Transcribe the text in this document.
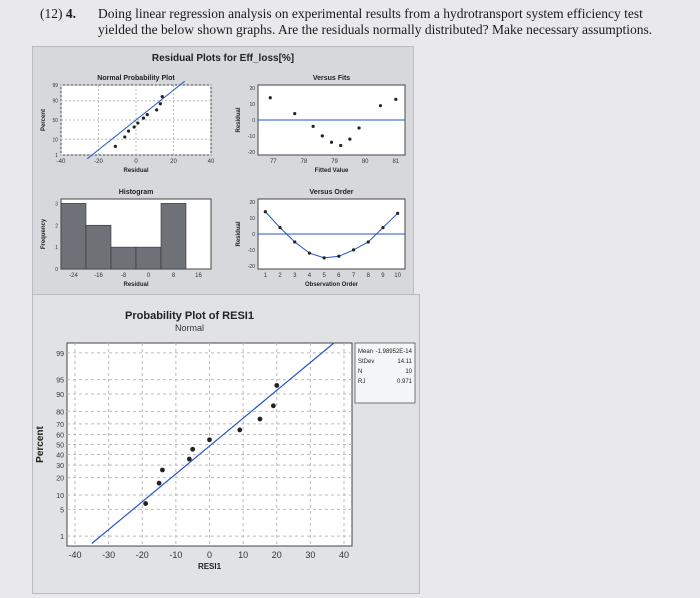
(12) 4. Doing linear regression analysis on experimental results from a hydrotransport system efficiency test
yielded the below shown graphs. Are the residuals normally distributed? Make necessary assumptions.
Residual Plots for Eff_loss[%]
Normal Probability Plot
-40	-20	0	20	40
1
10
50
90
99
Residual
Percent
Versus Fits
77	78	79	80	81
-20
-10
0
10
20
Fitted Value
Residual
Histogram
-24	-16	-8	0	8	16
0
1
2
3
Residual
Frequency
Versus Order
1 2 3 4 5 6 7 8 9 10
-20
-10
0
10
20
Observation Order
Residual
Probability Plot of RESI1
Normal
-40 -30 -20 -10	0	10	20	30	40
1
5
10
20
30
40
50
60
70
80
90
95
99
RESI1
Percent
Mean -1.98952E-14
StDev	14.11
N	10
RJ	0.971
